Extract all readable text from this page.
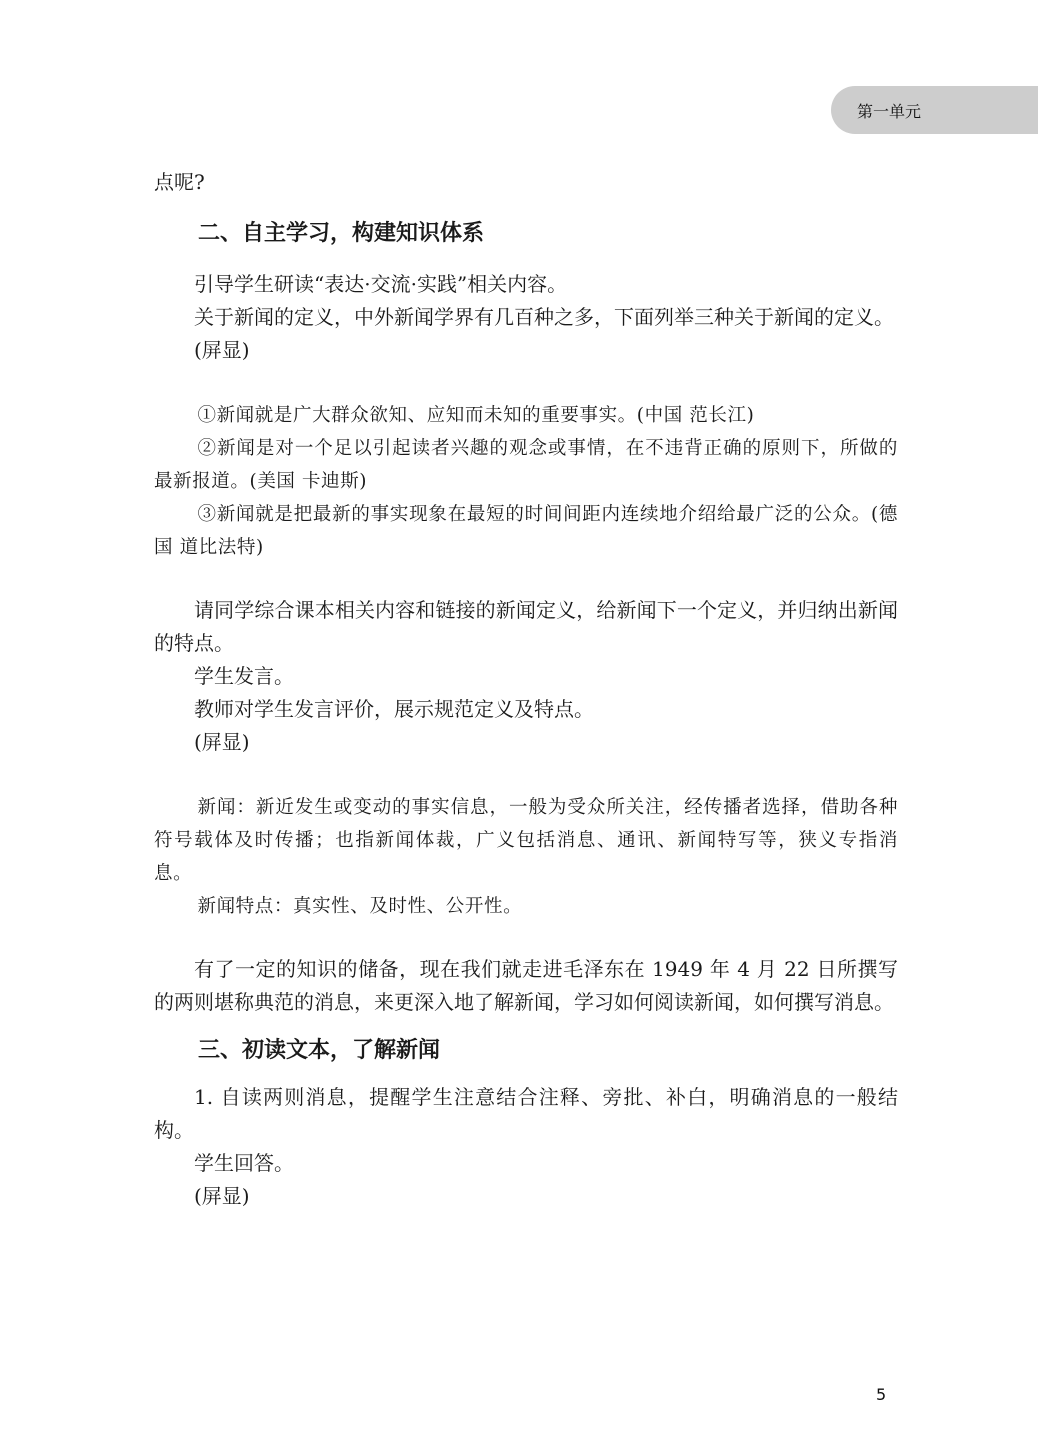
第一单元

点呢?

二、自主学习，构建知识体系

引导学生研读“表达·交流·实践”相关内容。

关于新闻的定义，中外新闻学界有几百种之多，下面列举三种关于新闻的定义。

(屏显)

①新闻就是广大群众欲知、应知而未知的重要事实。(中国 范长江)

②新闻是对一个足以引起读者兴趣的观念或事情，在不违背正确的原则下，所做的最新报道。(美国 卡迪斯)

③新闻就是把最新的事实现象在最短的时间间距内连续地介绍给最广泛的公众。(德国 道比法特)

请同学综合课本相关内容和链接的新闻定义，给新闻下一个定义，并归纳出新闻的特点。

学生发言。

教师对学生发言评价，展示规范定义及特点。

(屏显)

新闻：新近发生或变动的事实信息，一般为受众所关注，经传播者选择，借助各种符号载体及时传播；也指新闻体裁，广义包括消息、通讯、新闻特写等，狭义专指消息。

新闻特点：真实性、及时性、公开性。

有了一定的知识的储备，现在我们就走进毛泽东在 1949 年 4 月 22 日所撰写的两则堪称典范的消息，来更深入地了解新闻，学习如何阅读新闻，如何撰写消息。

三、初读文本，了解新闻

1. 自读两则消息，提醒学生注意结合注释、旁批、补白，明确消息的一般结构。

学生回答。

(屏显)

5
